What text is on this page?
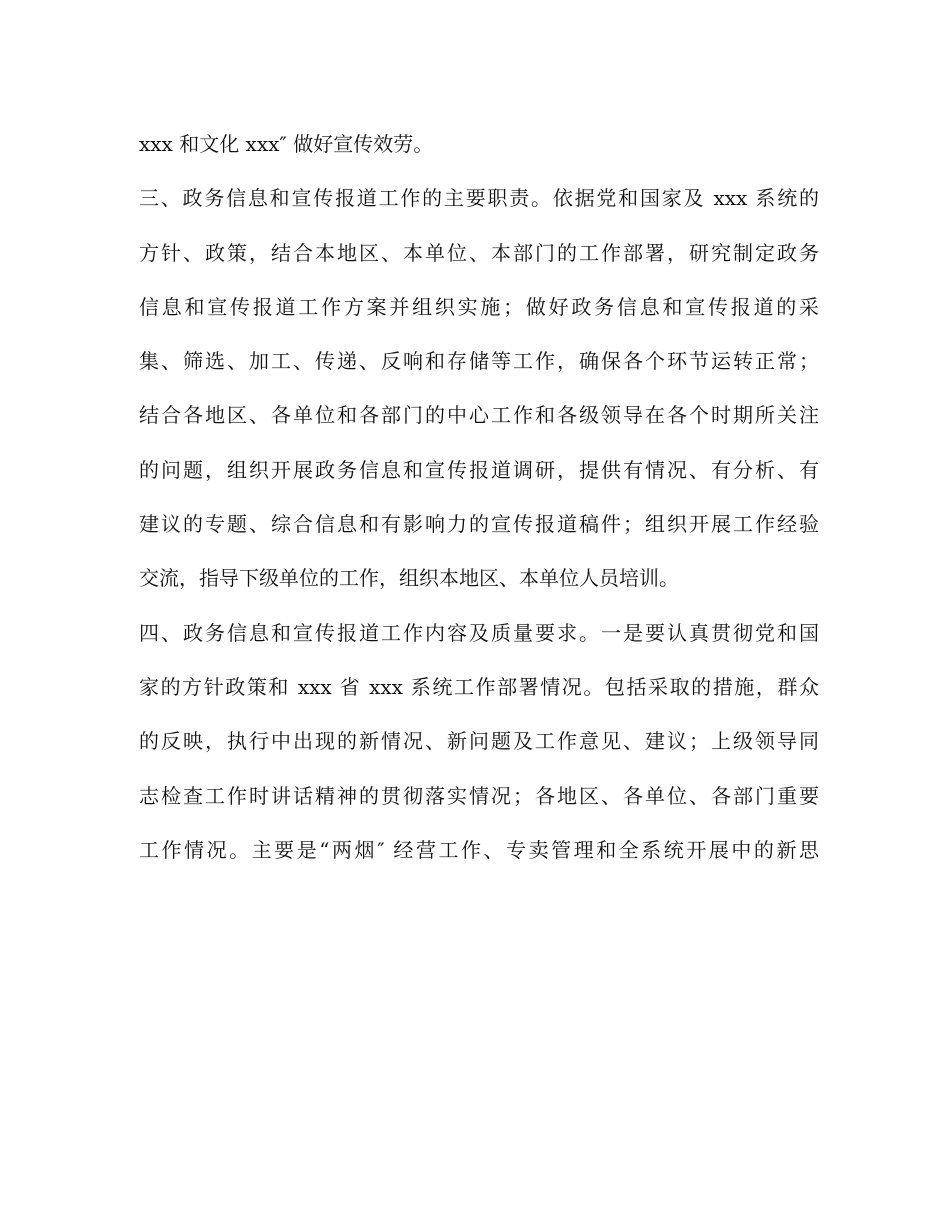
xxx 和文化 xxx″ 做好宣传效劳。
三、政务信息和宣传报道工作的主要职责。依据党和国家及 xxx 系统的
方针、政策，结合本地区、本单位、本部门的工作部署，研究制定政务
信息和宣传报道工作方案并组织实施；做好政务信息和宣传报道的采
集、筛选、加工、传递、反响和存储等工作，确保各个环节运转正常；
结合各地区、各单位和各部门的中心工作和各级领导在各个时期所关注
的问题，组织开展政务信息和宣传报道调研，提供有情况、有分析、有
建议的专题、综合信息和有影响力的宣传报道稿件；组织开展工作经验
交流，指导下级单位的工作，组织本地区、本单位人员培训。
四、政务信息和宣传报道工作内容及质量要求。一是要认真贯彻党和国
家的方针政策和 xxx 省 xxx 系统工作部署情况。包括采取的措施，群众
的反映，执行中出现的新情况、新问题及工作意见、建议；上级领导同
志检查工作时讲话精神的贯彻落实情况；各地区、各单位、各部门重要
工作情况。主要是“两烟″ 经营工作、专卖管理和全系统开展中的新思
